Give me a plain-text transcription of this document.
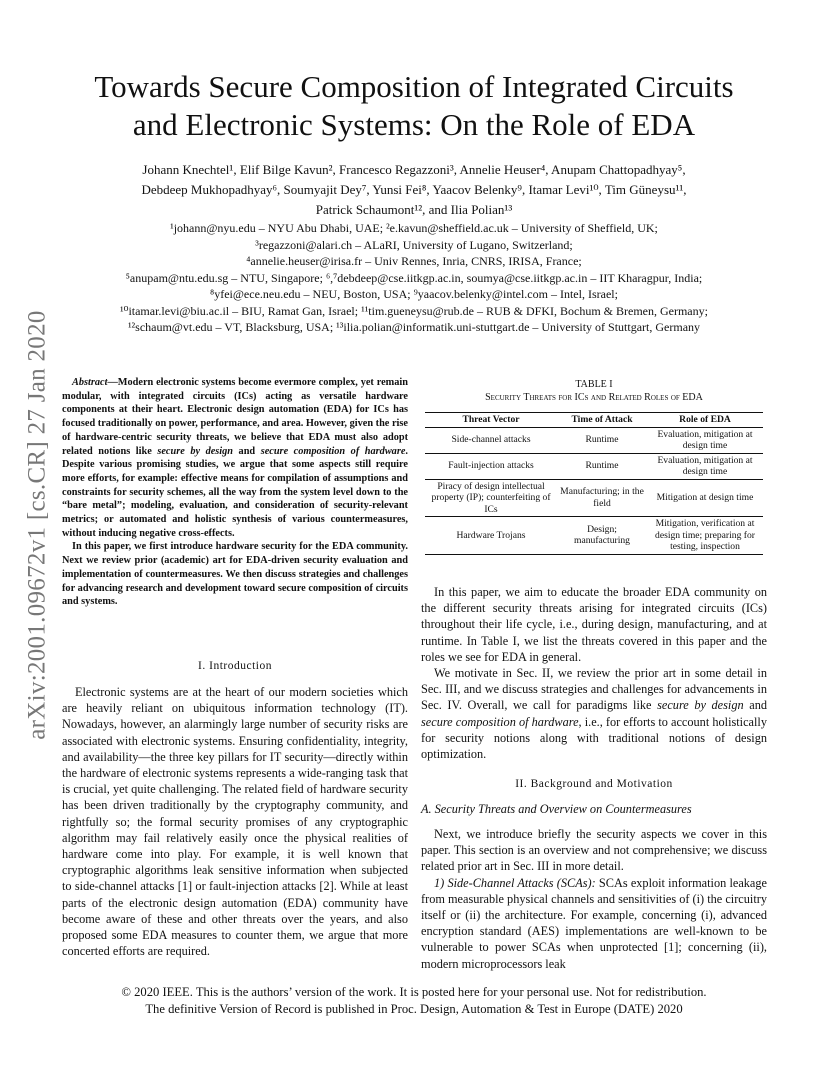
arXiv:2001.09672v1 [cs.CR] 27 Jan 2020
Towards Secure Composition of Integrated Circuits
and Electronic Systems: On the Role of EDA
Johann Knechtel¹, Elif Bilge Kavun², Francesco Regazzoni³, Annelie Heuser⁴, Anupam Chattopadhyay⁵,
Debdeep Mukhopadhyay⁶, Soumyajit Dey⁷, Yunsi Fei⁸, Yaacov Belenky⁹, Itamar Levi¹⁰, Tim Güneysu¹¹,
Patrick Schaumont¹², and Ilia Polian¹³
¹johann@nyu.edu – NYU Abu Dhabi, UAE; ²e.kavun@sheffield.ac.uk – University of Sheffield, UK;
³regazzoni@alari.ch – ALaRI, University of Lugano, Switzerland;
⁴annelie.heuser@irisa.fr – Univ Rennes, Inria, CNRS, IRISA, France;
⁵anupam@ntu.edu.sg – NTU, Singapore; ⁶,⁷debdeep@cse.iitkgp.ac.in, soumya@cse.iitkgp.ac.in – IIT Kharagpur, India;
⁸yfei@ece.neu.edu – NEU, Boston, USA; ⁹yaacov.belenky@intel.com – Intel, Israel;
¹⁰itamar.levi@biu.ac.il – BIU, Ramat Gan, Israel; ¹¹tim.gueneysu@rub.de – RUB & DFKI, Bochum & Bremen, Germany;
¹²schaum@vt.edu – VT, Blacksburg, USA; ¹³ilia.polian@informatik.uni-stuttgart.de – University of Stuttgart, Germany

Abstract—Modern electronic systems become evermore complex, yet remain modular, with integrated circuits (ICs) acting as versatile hardware components at their heart. Electronic design automation (EDA) for ICs has focused traditionally on power, performance, and area. However, given the rise of hardware-centric security threats, we believe that EDA must also adopt related notions like secure by design and secure composition of hardware. Despite various promising studies, we argue that some aspects still require more efforts, for example: effective means for compilation of assumptions and constraints for security schemes, all the way from the system level down to the “bare metal”; modeling, evaluation, and consideration of security-relevant metrics; or automated and holistic synthesis of various countermeasures, without inducing negative cross-effects.

In this paper, we first introduce hardware security for the EDA community. Next we review prior (academic) art for EDA-driven security evaluation and implementation of countermeasures. We then discuss strategies and challenges for advancing research and development toward secure composition of circuits and systems.

I. Introduction

Electronic systems are at the heart of our modern societies which are heavily reliant on ubiquitous information technology (IT). Nowadays, however, an alarmingly large number of security risks are associated with electronic systems. Ensuring confidentiality, integrity, and availability—the three key pillars for IT security—directly within the hardware of electronic systems represents a wide-ranging task that is crucial, yet quite challenging. The related field of hardware security has been driven traditionally by the cryptography community, and rightfully so; the formal security promises of any cryptographic algorithm may fail relatively easily once the physical realities of hardware come into play. For example, it is well known that cryptographic algorithms leak sensitive information when subjected to side-channel attacks [1] or fault-injection attacks [2]. While at least parts of the electronic design automation (EDA) community have become aware of these and other threats over the years, and also proposed some EDA measures to counter them, we argue that more concerted efforts are required.

TABLE I
Security Threats for ICs and Related Roles of EDA
Threat Vector	Time of Attack	Role of EDA
Side-channel attacks	Runtime	Evaluation, mitigation at design time
Fault-injection attacks	Runtime	Evaluation, mitigation at design time
Piracy of design intellectual property (IP); counterfeiting of ICs	Manufacturing; in the field	Mitigation at design time
Hardware Trojans	Design; manufacturing	Mitigation, verification at design time; preparing for testing, inspection

In this paper, we aim to educate the broader EDA community on the different security threats arising for integrated circuits (ICs) throughout their life cycle, i.e., during design, manufacturing, and at runtime. In Table I, we list the threats covered in this paper and the roles we see for EDA in general.

We motivate in Sec. II, we review the prior art in some detail in Sec. III, and we discuss strategies and challenges for advancements in Sec. IV. Overall, we call for paradigms like secure by design and secure composition of hardware, i.e., for efforts to account holistically for security notions along with traditional notions of design optimization.

II. Background and Motivation
A. Security Threats and Overview on Countermeasures

Next, we introduce briefly the security aspects we cover in this paper. This section is an overview and not comprehensive; we discuss related prior art in Sec. III in more detail.

1) Side-Channel Attacks (SCAs): SCAs exploit information leakage from measurable physical channels and sensitivities of (i) the circuitry itself or (ii) the architecture. For example, concerning (i), advanced encryption standard (AES) implementations are well-known to be vulnerable to power SCAs when unprotected [1]; concerning (ii), modern microprocessors leak

© 2020 IEEE. This is the authors’ version of the work. It is posted here for your personal use. Not for redistribution.
The definitive Version of Record is published in Proc. Design, Automation & Test in Europe (DATE) 2020
